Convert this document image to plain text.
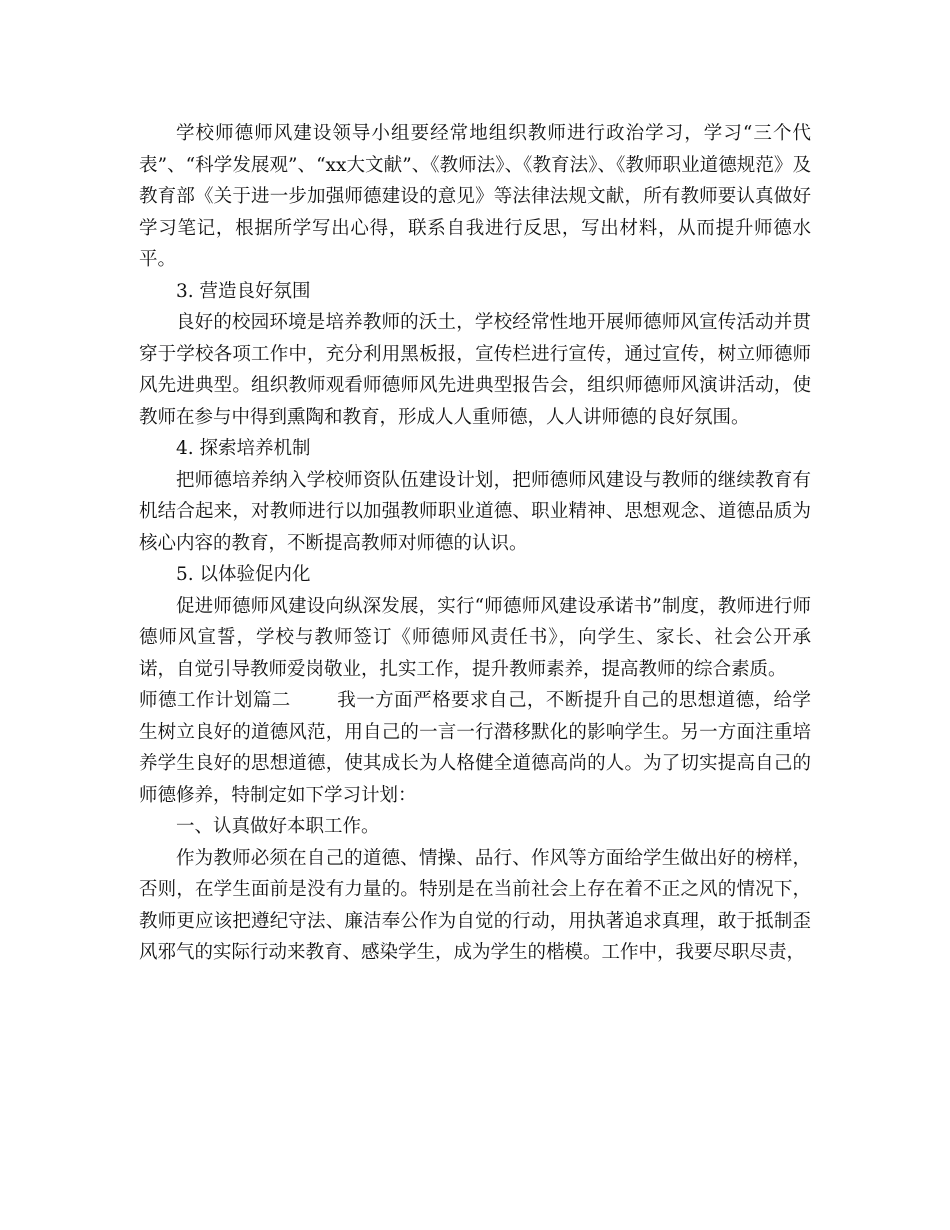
学校师德师风建设领导小组要经常地组织教师进行政治学习，学习“三个代表”、“科学发展观”、“xx大文献”、《教师法》、《教育法》、《教师职业道德规范》及教育部《关于进一步加强师德建设的意见》等法律法规文献，所有教师要认真做好学习笔记，根据所学写出心得，联系自我进行反思，写出材料，从而提升师德水平。

3. 营造良好氛围

良好的校园环境是培养教师的沃土，学校经常性地开展师德师风宣传活动并贯穿于学校各项工作中，充分利用黑板报，宣传栏进行宣传，通过宣传，树立师德师风先进典型。组织教师观看师德师风先进典型报告会，组织师德师风演讲活动，使教师在参与中得到熏陶和教育，形成人人重师德，人人讲师德的良好氛围。

4. 探索培养机制

把师德培养纳入学校师资队伍建设计划，把师德师风建设与教师的继续教育有机结合起来，对教师进行以加强教师职业道德、职业精神、思想观念、道德品质为核心内容的教育，不断提高教师对师德的认识。

5. 以体验促内化

促进师德师风建设向纵深发展，实行“师德师风建设承诺书”制度，教师进行师德师风宣誓，学校与教师签订《师德师风责任书》，向学生、家长、社会公开承诺，自觉引导教师爱岗敬业，扎实工作，提升教师素养，提高教师的综合素质。

师德工作计划篇二 我一方面严格要求自己，不断提升自己的思想道德，给学生树立良好的道德风范，用自己的一言一行潜移默化的影响学生。另一方面注重培养学生良好的思想道德，使其成长为人格健全道德高尚的人。为了切实提高自己的师德修养，特制定如下学习计划：

一、认真做好本职工作。

作为教师必须在自己的道德、情操、品行、作风等方面给学生做出好的榜样，否则，在学生面前是没有力量的。特别是在当前社会上存在着不正之风的情况下，教师更应该把遵纪守法、廉洁奉公作为自觉的行动，用执著追求真理，敢于抵制歪风邪气的实际行动来教育、感染学生，成为学生的楷模。工作中，我要尽职尽责，
